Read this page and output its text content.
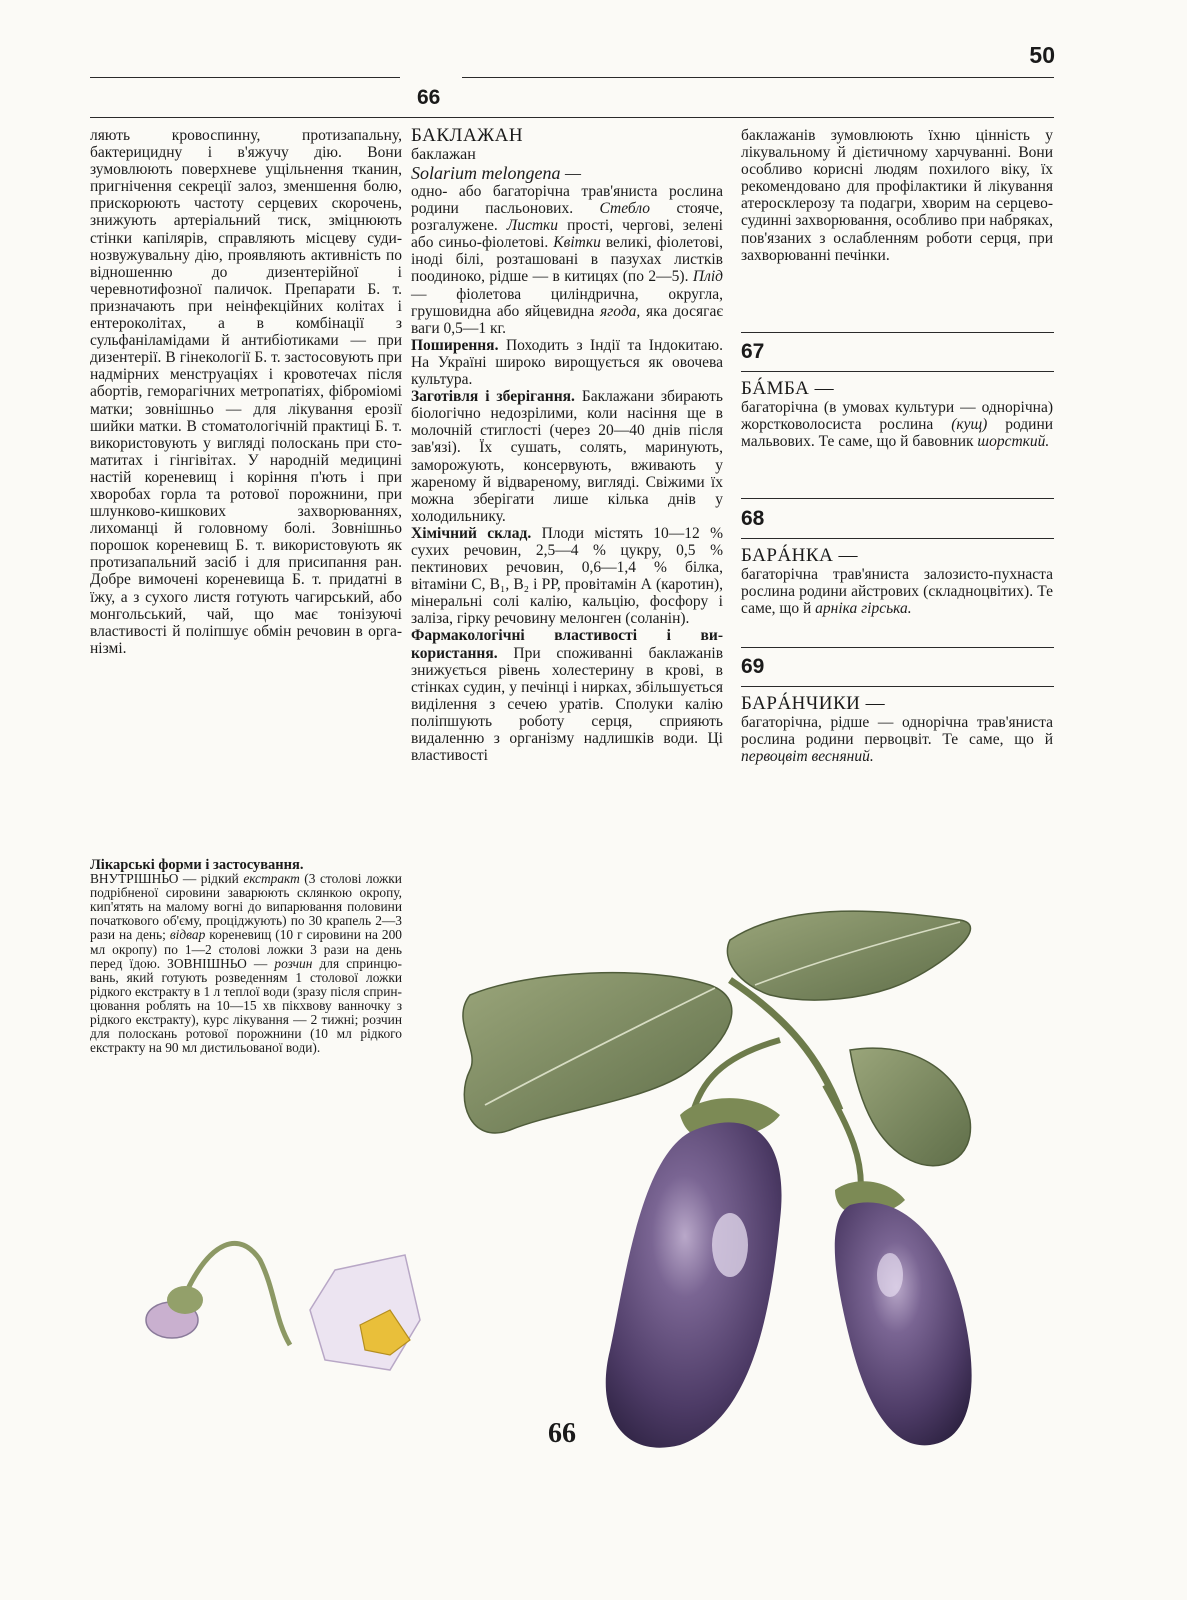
50
66

ляють кровоспинну, протизапальну, бактерицидну і в'яжучу дію. Вони зумовлюють поверхневе ущільнення тканин, пригнічення секреції залоз, зменшення болю, прискорюють частоту серцевих скорочень, знижують артеріальний тиск, зміцнюють стінки капілярів, справляють місцеву судинозвужувальну дію, проявляють активність по відношенню до дизентерійної і черевнотифозної паличок. Препарати Б. т. призначають при неінфекційних колітах і ентероколітах, а в комбінації з сульфаніламідами й антибіотиками — при дизентерії. В гінекології Б. т. застосовують при надмірних менструаціях і кровотечах після абортів, геморагічних метропатіях, фіброміомі матки; зовнішньо — для лікування ерозії шийки матки. В стоматологічній практиці Б. т. використовують у вигляді полоскань при стоматитах і гінгівітах. У народній медицині настій кореневищ і коріння п'ють і при хворобах горла та ротової порожнини, при шлунково-кишкових захворюваннях, лихоманці й головному болі. Зовнішньо порошок кореневищ Б. т. використовують як протизапальний засіб і для присипання ран. Добре вимочені кореневища Б. т. придатні в їжу, а з сухого листя готують чагирський, або монгольський, чай, що має тонізуючі властивості й поліпшує обмін речовин в організмі.

Лікарські форми і застосування.

ВНУТРІШНЬО — рідкий екстракт (3 столові ложки подрібненої сировини заварюють склянкою окропу, кип'ятять на малому вогні до випарювання половини початкового об'єму, проціджують) по 30 крапель 2—3 рази на день; відвар кореневищ (10 г сировини на 200 мл окропу) по 1—2 столові ложки 3 рази на день перед їдою. ЗОВНІШНЬО — розчин для спринцювань, який готують розведенням 1 столової ложки рідкого екстракту в 1 л теплої води (зразу після спринцювання роблять на 10—15 хв пікхвову ванночку з рідкого екстракту), курс лікування — 2 тижні; розчин для полоскань ротової порожнини (10 мл рідкого екстракту на 90 мл дистильованої води).

БАКЛАЖАН

баклажан

Solarium melongena —

одно- або багаторічна трав'яниста рослина родини пасльонових. Стебло стояче, розгалужене. Листки прості, чергові, зелені або синьо-фіолетові. Квітки великі, фіолетові, іноді білі, розташовані в пазухах листків поодиноко, рідше — в китицях (по 2—5). Плід — фіолетова циліндрична, округла, грушовидна або яйцевидна ягода, яка досягає ваги 0,5—1 кг.

Поширення. Походить з Індії та Індокитаю. На Україні широко вирощується як овочева культура.

Заготівля і зберігання. Баклажани збирають біологічно недозрілими, коли насіння ще в молочній стиглості (через 20—40 днів після зав'язі). Їх сушать, солять, маринують, заморожують, консервують, вживають у жареному й відвареному, вигляді. Свіжими їх можна зберігати лише кілька днів у холодильнику.

Хімічний склад. Плоди містять 10—12 % сухих речовин, 2,5—4 % цукру, 0,5 % пектинових речовин, 0,6—1,4 % білка, вітаміни С, В₁, В₂ і РР, провітамін А (каротин), мінеральні солі калію, кальцію, фосфору і заліза, гірку речовину мелонген (соланін).

Фармакологічні властивості і використання. При споживанні баклажанів знижується рівень холестерину в крові, в стінках судин, у печінці і нирках, збільшується виділення з сечею уратів. Сполуки калію поліпшують роботу серця, сприяють видаленню з організму надлишків води. Ці властивості

баклажанів зумовлюють їхню цінність у лікувальному й дієтичному харчуванні. Вони особливо корисні людям похилого віку, їх рекомендовано для профілактики й лікування атеросклерозу та подагри, хворим на серцево-судинні захворювання, особливо при набряках, пов'язаних з ослабленням роботи серця, при захворюванні печінки.

67

БÁМБА —

багаторічна (в умовах культури — однорічна) жорстковолосиста рослина (кущ) родини мальвових. Те саме, що й бавовник шорсткий.

68

БАРÁНКА —

багаторічна трав'яниста залозисто-пухнаста рослина родини айстрових (складноцвітих). Те саме, що й арніка гірська.

69

БАРÁНЧИКИ —

багаторічна, рідше — однорічна трав'яниста рослина родини первоцвіт. Те саме, що й первоцвіт весняний.

66
